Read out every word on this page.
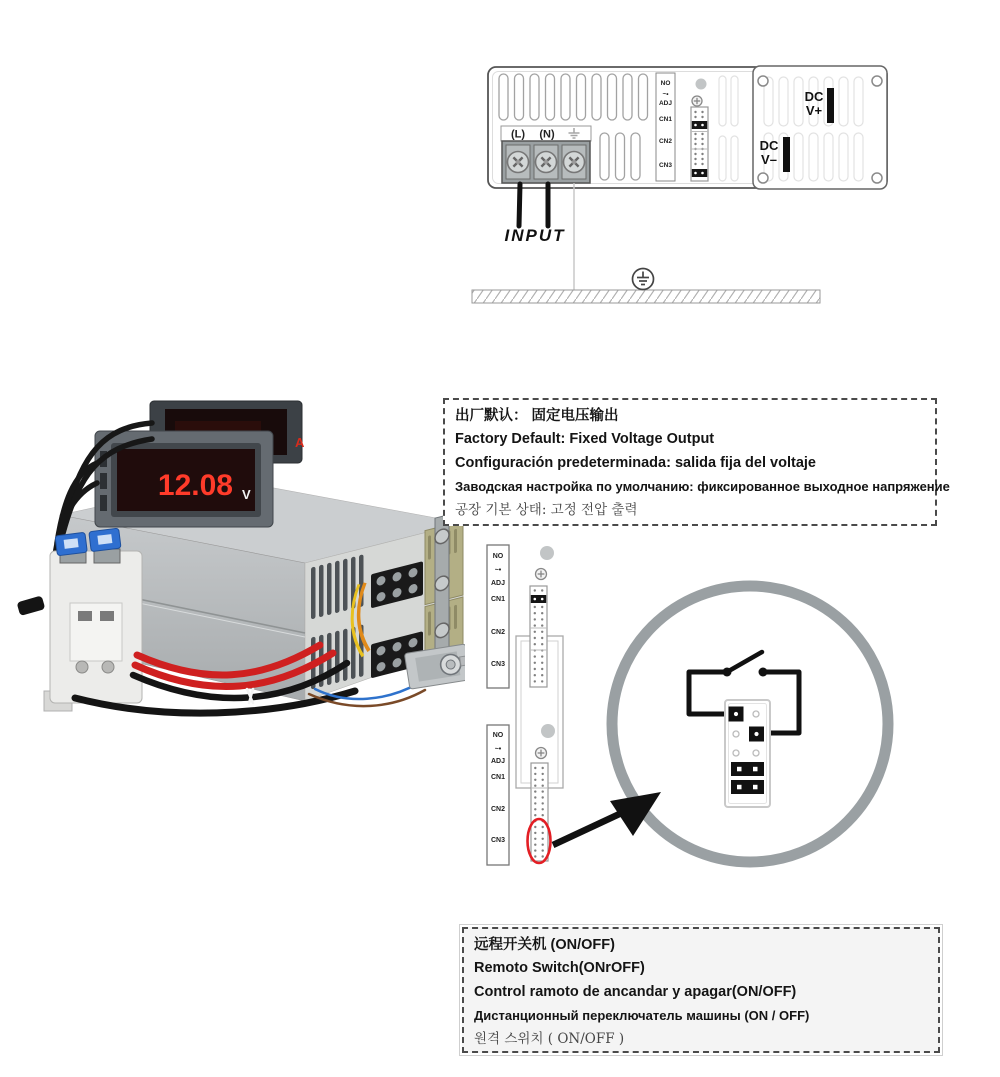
(L) (N)
NO
~•
ADJ
CN1
CN2
CN3
DC
V+
DC
V–
INPUT
A
12.08 V
出厂默认： 固定电压输出
Factory Default: Fixed Voltage Output
Configuración predeterminada: salida fija del voltaje
Заводская настройка по умолчанию: фиксированное выходное напряжение
공장 기본 상태: 고정 전압 출력
NO
~•
ADJ
CN1
CN2
CN3
NO
~•
ADJ
CN1
CN2
CN3
远程开关机 (ON/OFF)
Remoto Switch(ONrOFF)
Control ramoto de ancandar y apagar(ON/OFF)
Дистанционный переключатель машины (ON / OFF)
원격 스위치 ( ON/OFF )
